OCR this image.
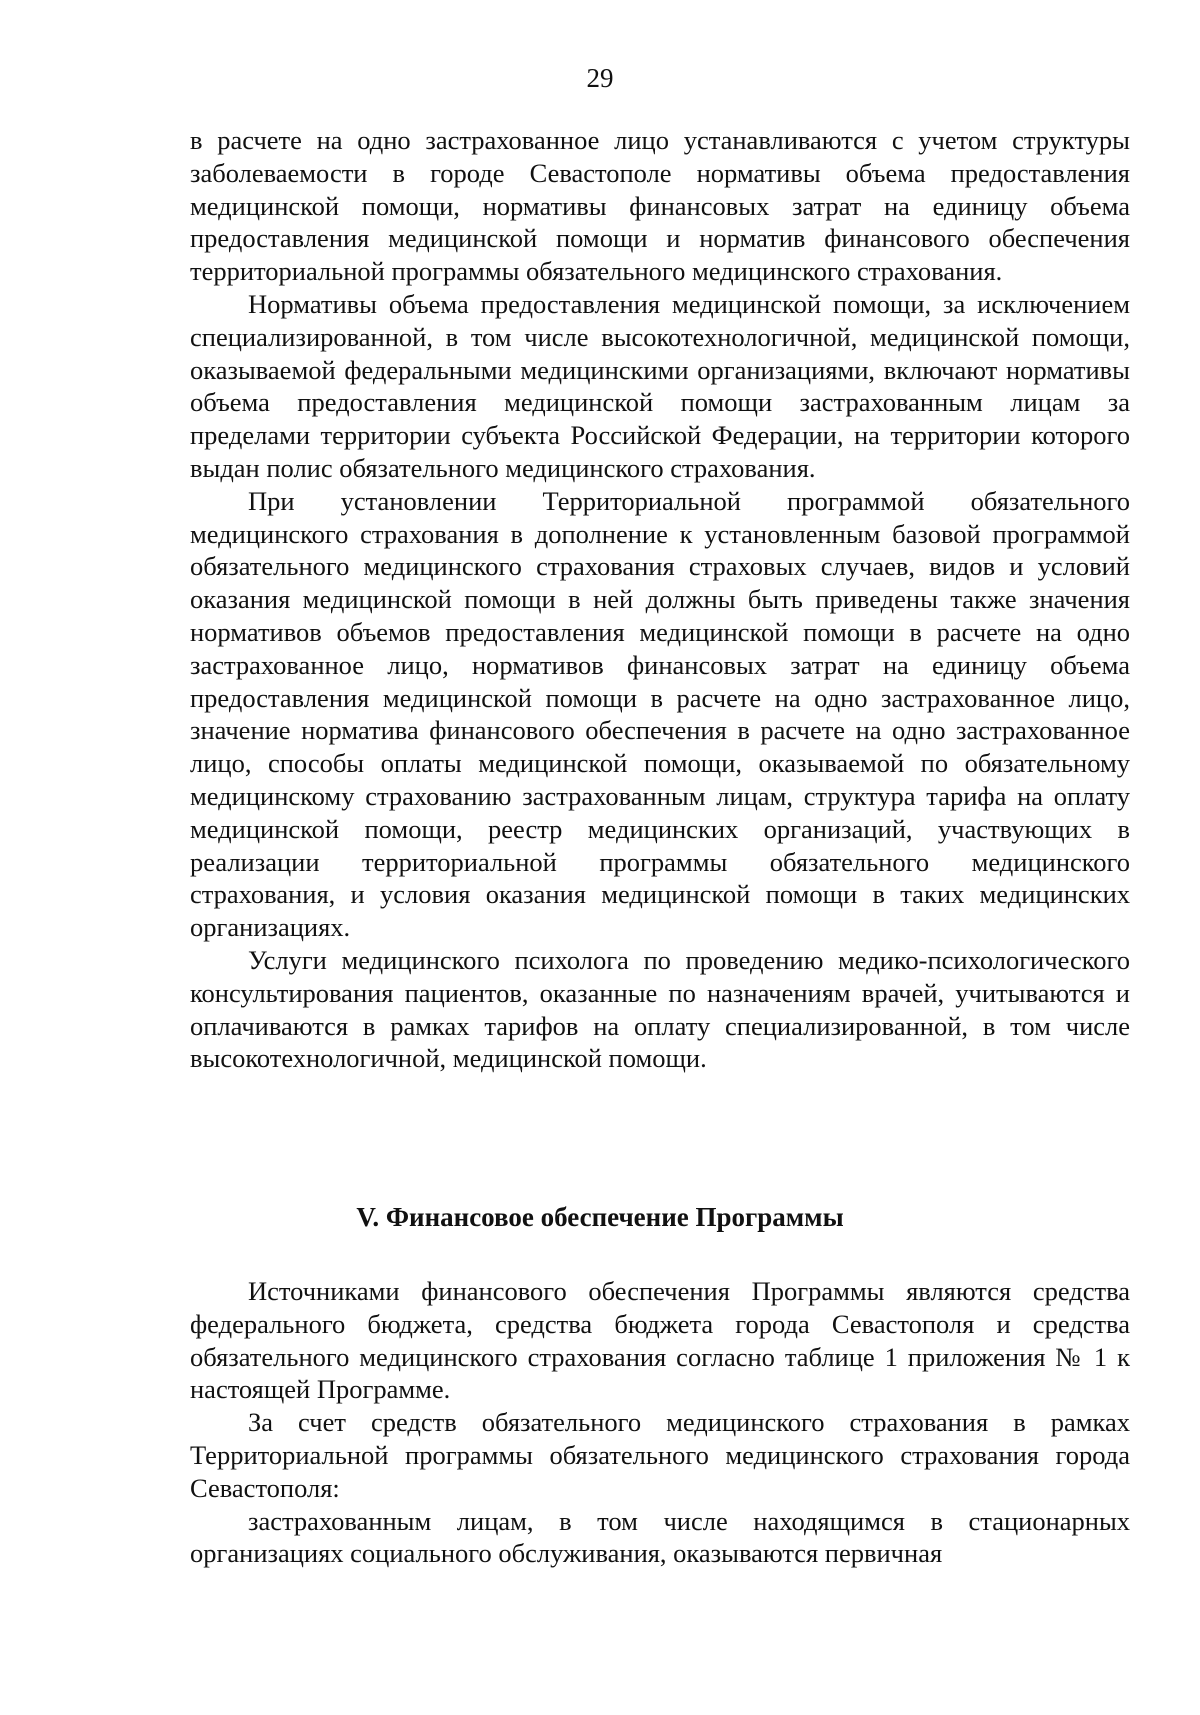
29

в расчете на одно застрахованное лицо устанавливаются с учетом структуры заболеваемости в городе Севастополе нормативы объема предоставления медицинской помощи, нормативы финансовых затрат на единицу объема предоставления медицинской помощи и норматив финансового обеспечения территориальной программы обязательного медицинского страхования.

Нормативы объема предоставления медицинской помощи, за исключением специализированной, в том числе высокотехнологичной, медицинской помощи, оказываемой федеральными медицинскими организациями, включают нормативы объема предоставления медицинской помощи застрахованным лицам за пределами территории субъекта Российской Федерации, на территории которого выдан полис обязательного медицинского страхования.

При установлении Территориальной программой обязательного медицинского страхования в дополнение к установленным базовой программой обязательного медицинского страхования страховых случаев, видов и условий оказания медицинской помощи в ней должны быть приведены также значения нормативов объемов предоставления медицинской помощи в расчете на одно застрахованное лицо, нормативов финансовых затрат на единицу объема предоставления медицинской помощи в расчете на одно застрахованное лицо, значение норматива финансового обеспечения в расчете на одно застрахованное лицо, способы оплаты медицинской помощи, оказываемой по обязательному медицинскому страхованию застрахованным лицам, структура тарифа на оплату медицинской помощи, реестр медицинских организаций, участвующих в реализации территориальной программы обязательного медицинского страхования, и условия оказания медицинской помощи в таких медицинских организациях.

Услуги медицинского психолога по проведению медико-психологического консультирования пациентов, оказанные по назначениям врачей, учитываются и оплачиваются в рамках тарифов на оплату специализированной, в том числе высокотехнологичной, медицинской помощи.

V. Финансовое обеспечение Программы

Источниками финансового обеспечения Программы являются средства федерального бюджета, средства бюджета города Севастополя и средства обязательного медицинского страхования согласно таблице 1 приложения № 1 к настоящей Программе.

За счет средств обязательного медицинского страхования в рамках Территориальной программы обязательного медицинского страхования города Севастополя:

застрахованным лицам, в том числе находящимся в стационарных организациях социального обслуживания, оказываются первичная
